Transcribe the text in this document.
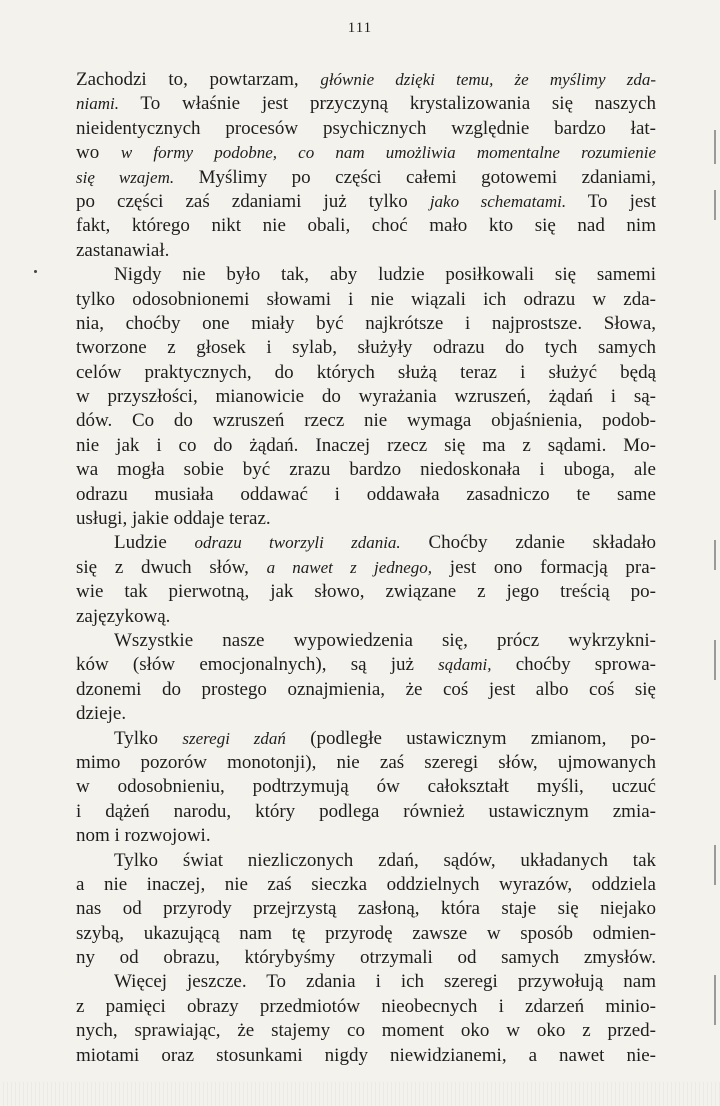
111
Zachodzi to, powtarzam, głównie dzięki temu, że myślimy zda-
niami. To właśnie jest przyczyną krystalizowania się naszych
nieidentycznych procesów psychicznych względnie bardzo łat-
wo w formy podobne, co nam umożliwia momentalne rozumienie
się wzajem. Myślimy po części całemi gotowemi zdaniami,
po części zaś zdaniami już tylko jako schematami. To jest
fakt, którego nikt nie obali, choć mało kto się nad nim
zastanawiał.
Nigdy nie było tak, aby ludzie posiłkowali się samemi
tylko odosobnionemi słowami i nie wiązali ich odrazu w zda-
nia, choćby one miały być najkrótsze i najprostsze. Słowa,
tworzone z głosek i sylab, służyły odrazu do tych samych
celów praktycznych, do których służą teraz i służyć będą
w przyszłości, mianowicie do wyrażania wzruszeń, żądań i są-
dów. Co do wzruszeń rzecz nie wymaga objaśnienia, podob-
nie jak i co do żądań. Inaczej rzecz się ma z sądami. Mo-
wa mogła sobie być zrazu bardzo niedoskonała i uboga, ale
odrazu musiała oddawać i oddawała zasadniczo te same
usługi, jakie oddaje teraz.
Ludzie odrazu tworzyli zdania. Choćby zdanie składało
się z dwuch słów, a nawet z jednego, jest ono formacją pra-
wie tak pierwotną, jak słowo, związane z jego treścią po-
zajęzykową.
Wszystkie nasze wypowiedzenia się, prócz wykrzykni-
ków (słów emocjonalnych), są już sądami, choćby sprowa-
dzonemi do prostego oznajmienia, że coś jest albo coś się
dzieje.
Tylko szeregi zdań (podległe ustawicznym zmianom, po-
mimo pozorów monotonji), nie zaś szeregi słów, ujmowanych
w odosobnieniu, podtrzymują ów całokształt myśli, uczuć
i dążeń narodu, który podlega również ustawicznym zmia-
nom i rozwojowi.
Tylko świat niezliczonych zdań, sądów, układanych tak
a nie inaczej, nie zaś sieczka oddzielnych wyrazów, oddziela
nas od przyrody przejrzystą zasłoną, która staje się niejako
szybą, ukazującą nam tę przyrodę zawsze w sposób odmien-
ny od obrazu, którybyśmy otrzymali od samych zmysłów.
Więcej jeszcze. To zdania i ich szeregi przywołują nam
z pamięci obrazy przedmiotów nieobecnych i zdarzeń minio-
nych, sprawiając, że stajemy co moment oko w oko z przed-
miotami oraz stosunkami nigdy niewidzianemi, a nawet nie-
